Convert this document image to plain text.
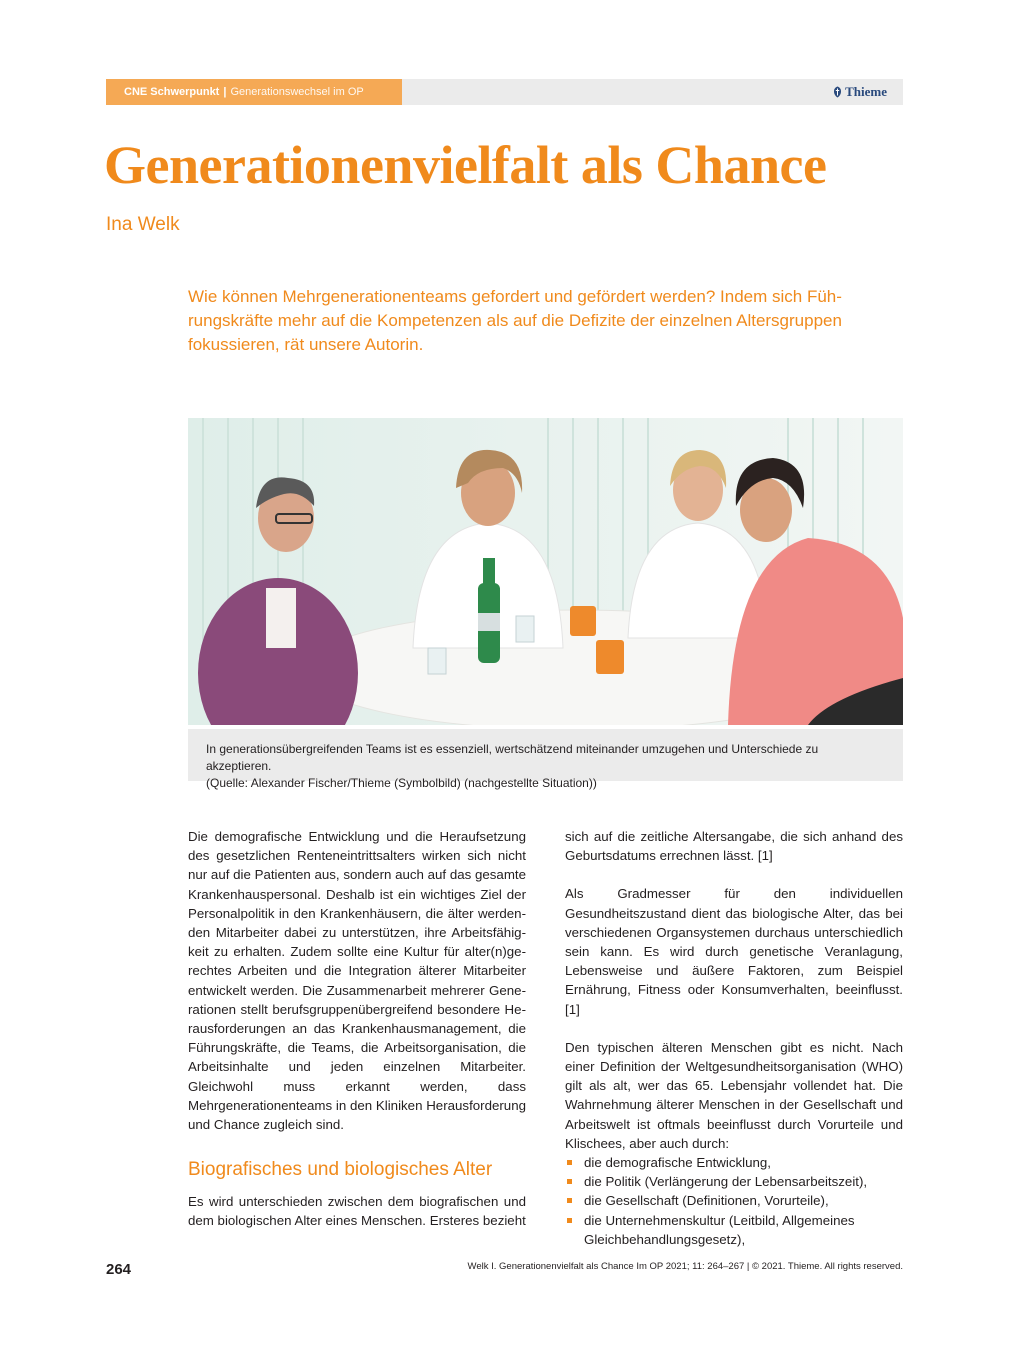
CNE Schwerpunkt | Generationswechsel im OP	Thieme
Generationenvielfalt als Chance
Ina Welk

Wie können Mehrgenerationenteams gefordert und gefördert werden? Indem sich Führungskräfte mehr auf die Kompetenzen als auf die Defizite der einzelnen Altersgruppen fokussieren, rät unsere Autorin.

In generationsübergreifenden Teams ist es essenziell, wertschätzend miteinander umzugehen und Unterschiede zu akzeptieren.
(Quelle: Alexander Fischer/Thieme (Symbolbild) (nachgestellte Situation))

Die demografische Entwicklung und die Heraufsetzung des gesetzlichen Renteneintrittsalters wirken sich nicht nur auf die Patienten aus, sondern auch auf das gesamte Krankenhauspersonal. Deshalb ist ein wichtiges Ziel der Personalpolitik in den Krankenhäusern, die älter werdenden Mitarbeiter dabei zu unterstützen, ihre Arbeitsfähigkeit zu erhalten. Zudem sollte eine Kultur für alter(n)gerechtes Arbeiten und die Integration älterer Mitarbeiter entwickelt werden. Die Zusammenarbeit mehrerer Generationen stellt berufsgruppenübergreifend besondere Herausforderungen an das Krankenhausmanagement, die Führungskräfte, die Teams, die Arbeitsorganisation, die Arbeitsinhalte und jeden einzelnen Mitarbeiter. Gleichwohl muss erkannt werden, dass Mehrgenerationenteams in den Kliniken Herausforderung und Chance zugleich sind.

Biografisches und biologisches Alter

Es wird unterschieden zwischen dem biografischen und dem biologischen Alter eines Menschen. Ersteres bezieht

sich auf die zeitliche Altersangabe, die sich anhand des Geburtsdatums errechnen lässt. [1]

Als Gradmesser für den individuellen Gesundheitszustand dient das biologische Alter, das bei verschiedenen Organsystemen durchaus unterschiedlich sein kann. Es wird durch genetische Veranlagung, Lebensweise und äußere Faktoren, zum Beispiel Ernährung, Fitness oder Konsumverhalten, beeinflusst. [1]

Den typischen älteren Menschen gibt es nicht. Nach einer Definition der Weltgesundheitsorganisation (WHO) gilt als alt, wer das 65. Lebensjahr vollendet hat. Die Wahrnehmung älterer Menschen in der Gesellschaft und Arbeitswelt ist oftmals beeinflusst durch Vorurteile und Klischees, aber auch durch:

die demografische Entwicklung,
die Politik (Verlängerung der Lebensarbeitszeit),
die Gesellschaft (Definitionen, Vorurteile),
die Unternehmenskultur (Leitbild, Allgemeines Gleichbehandlungsgesetz),
264	Welk I. Generationenvielfalt als Chance Im OP 2021; 11: 264–267 | © 2021. Thieme. All rights reserved.
